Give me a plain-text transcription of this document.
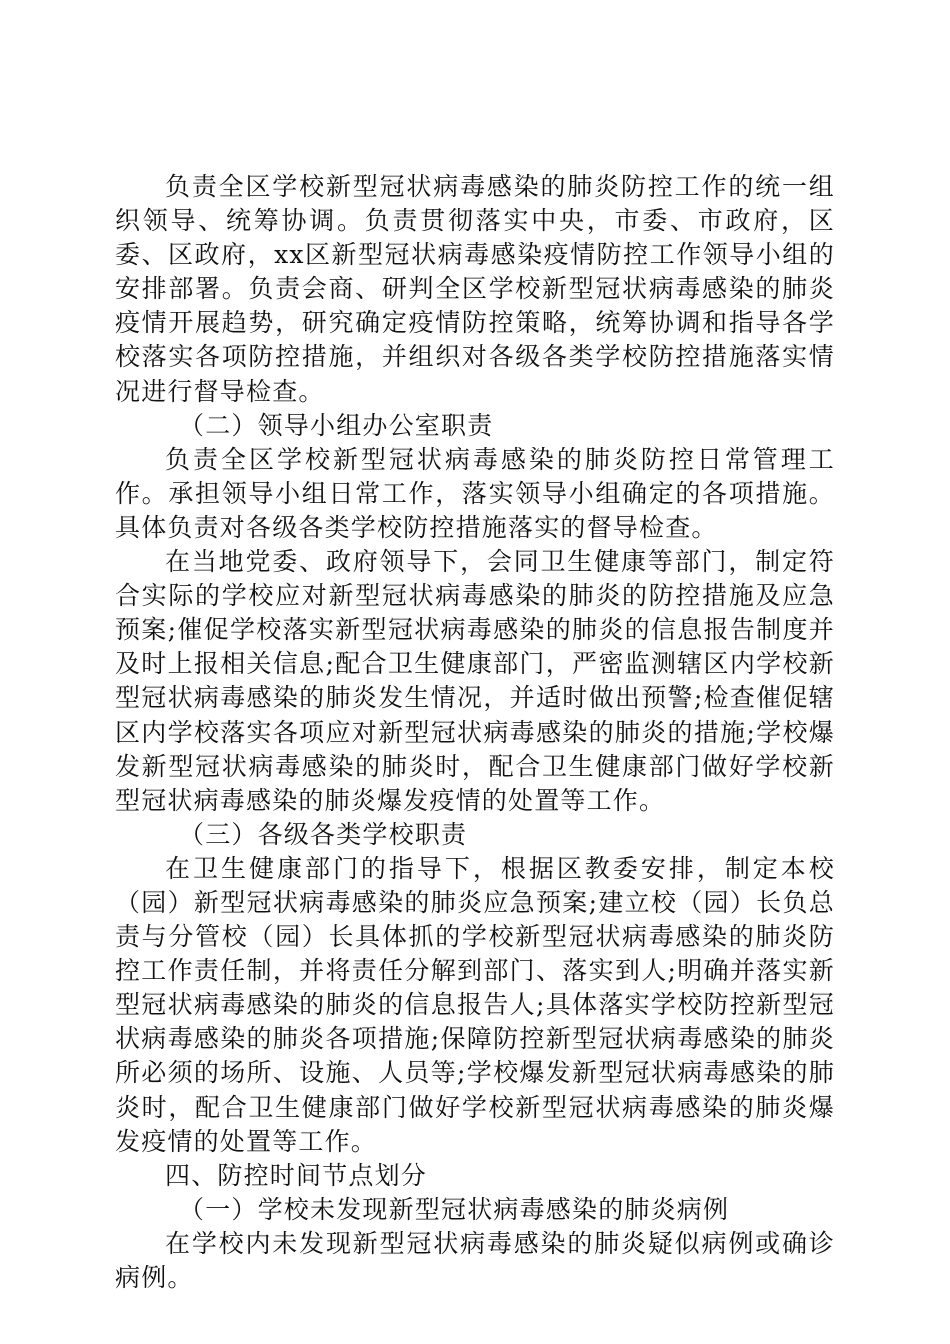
负责全区学校新型冠状病毒感染的肺炎防控工作的统一组织领导、统筹协调。负责贯彻落实中央，市委、市政府，区委、区政府，xx区新型冠状病毒感染疫情防控工作领导小组的安排部署。负责会商、研判全区学校新型冠状病毒感染的肺炎疫情开展趋势，研究确定疫情防控策略，统筹协调和指导各学校落实各项防控措施，并组织对各级各类学校防控措施落实情况进行督导检查。

（二）领导小组办公室职责

负责全区学校新型冠状病毒感染的肺炎防控日常管理工作。承担领导小组日常工作，落实领导小组确定的各项措施。具体负责对各级各类学校防控措施落实的督导检查。

在当地党委、政府领导下，会同卫生健康等部门，制定符合实际的学校应对新型冠状病毒感染的肺炎的防控措施及应急预案;催促学校落实新型冠状病毒感染的肺炎的信息报告制度并及时上报相关信息;配合卫生健康部门，严密监测辖区内学校新型冠状病毒感染的肺炎发生情况，并适时做出预警;检查催促辖区内学校落实各项应对新型冠状病毒感染的肺炎的措施;学校爆发新型冠状病毒感染的肺炎时，配合卫生健康部门做好学校新型冠状病毒感染的肺炎爆发疫情的处置等工作。

（三）各级各类学校职责

在卫生健康部门的指导下，根据区教委安排，制定本校（园）新型冠状病毒感染的肺炎应急预案;建立校（园）长负总责与分管校（园）长具体抓的学校新型冠状病毒感染的肺炎防控工作责任制，并将责任分解到部门、落实到人;明确并落实新型冠状病毒感染的肺炎的信息报告人;具体落实学校防控新型冠状病毒感染的肺炎各项措施;保障防控新型冠状病毒感染的肺炎所必须的场所、设施、人员等;学校爆发新型冠状病毒感染的肺炎时，配合卫生健康部门做好学校新型冠状病毒感染的肺炎爆发疫情的处置等工作。

四、防控时间节点划分

（一）学校未发现新型冠状病毒感染的肺炎病例

在学校内未发现新型冠状病毒感染的肺炎疑似病例或确诊病例。
